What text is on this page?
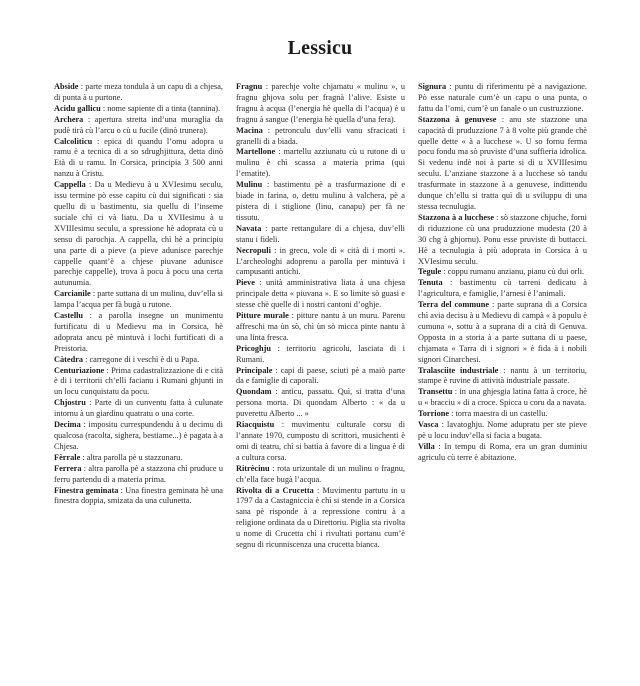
Lessicu

Abside : parte meza tondula à un capu di a chjesa, di punta à u purtone.

Acidu gallicu : nome sapiente di a tinta (tannina).

Archera : apertura stretta ind’una muraglia da pudè tirà cù l’arcu o cù u fucile (dinò trunera).

Calcoliticu : epica di quandu l’omu adopra u ramu è a tecnica di a so sdrughjittura, detta dinò Età di u ramu. In Corsica, principia 3 500 anni nanzu à Cristu.

Cappella : Da u Medievu à u XVIesimu seculu, issu termine pò esse capitu cù dui significati : sia quellu di u bastimentu, sia quellu di l’inseme suciale chì ci và liatu. Da u XVIIesimu à u XVIIIesimu seculu, a spressione hè adoprata cù u sensu di parochja. A cappella, chì hè a principiu una parte di a pieve (a pieve adunisce parechje cappelle quant’è a chjese piuvane adunisce parechje cappelle), trova à pocu à pocu una certa autunumia.

Carcianile : parte suttana di un mulinu, duv’ella si lampa l’acqua per fà bugà u rutone.

Castellu : a parolla insegne un munimentu furtificatu di u Medievu ma in Corsica, hè adoprata ancu pè mintuvà i lochi furtificati di a Preistoria.

Càtedra : carregone di i veschì è di u Papa.

Centurìazione : Prima cadastralizzazione di e cità è di i territorii ch’elli facianu i Rumani ghjunti in un locu cunquistatu da pocu.

Chjostru : Parte di un cunventu fatta à culunate intornu à un giardinu quatratu o una corte.

Decima : impositu currespundendu à u decimu di qualcosa (racolta, sighera, bestiame...) è pagata à a Chjesa.

Fèrrale : altra parolla pè u stazzunaru.

Ferrera : altra parolla pè a stazzona chì pruduce u ferru partendu di a materia prima.

Finestra geminata : Una finestra geminata hè una finestra doppia, smizata da una culunetta.

Fragnu : parechje volte chjamatu « mulinu », u fragnu ghjova solu per fragnà l’alive. Esiste u fragnu à acqua (l’energia hè quella di l’acqua) è u fragnu à sangue (l’energia hè quella d’una fera).

Macina : petronculu duv’elli vanu sfracicati i granelli di a biada.

Martellone : martellu azziunatu cù u rutone di u mulinu è chì scassa a materia prima (qui l’ematite).

Mulinu : bastimentu pè a trasfurmazione di e biade in farina, o, dettu mulinu à valchera, pè a pistera di i stiglione (linu, canapu) per fà ne tissutu.

Navata : parte rettangulare di a chjesa, duv’elli stanu i fideli.

Necropuli : in grecu, vole dì « cità di i morti ». L’archeologhi adoprenu a parolla per mintuvà i campusanti antichi.

Pieve : unità amministrativa liata à una chjesa principale detta « piuvana ». E so limite sò guasi e stesse chè quelle di i nostri cantoni d’oghje.

Pitture murale : pitture nantu à un muru. Parenu affreschi ma ùn sò, chì ùn sò micca pinte nantu à una linta fresca.

Pricoghju : territoriu agricolu, lasciata di i Rumani.

Principale : capi di paese, sciuti pè a maiò parte da e famiglie di caporali.

Quondam : anticu, passatu. Quì, si tratta d’una persona morta. Di quondam Alberto : « da u puverettu Alberto ... »

Riacquistu : muvimentu culturale corsu di l’annate 1970, cumpostu di scrittori, musichenti è omi di teatru, chì si battìa à favore di a lingua è di a cultura corsa.

Ritrècinu : rota urizuntale di un mulinu o fragnu, ch’ella face bugà l’acqua.

Rivolta di a Crucetta : Muvimentu partutu in u 1797 da a Castagniccia è chì si stende in a Corsica sana pè risponde à a repressione contru à a religione ordinata da u Direttoriu. Piglia sta rivolta u nome di Crucetta chì i rivultati portanu cum’è segnu di ricunniscenza una crucetta bianca.

Signura : puntu di riferimentu pè a navigazione. Pò esse naturale cum’è un capu o una punta, o fattu da l’omi, cum’è un fanale o un custruzzione.

Stazzona à genuvese : anu ste stazzone una capacità di pruduzzione 7 à 8 volte più grande chè quelle dette « à a lucchese ». U so fornu ferma pocu fondu ma sò pruviste d’una suffieria idrolica. Si vedenu indè noi à parte si di u XVIIIesimu seculu. L’anziane stazzone à a lucchese sò tandu trasfurmate in stazzone à a genuvese, indittendu dunque ch’ellu si tratta quì di u sviluppu di una stessa tecnulugia.

Stazzona à a lucchese : sò stazzone chjuche, forni di riduzzione cù una pruduzzione mudesta (20 à 30 chg à ghjornu). Ponu esse pruviste di buttacci. Hè a tecnulugia à più adoprata in Corsica à u XVIesimu seculu.

Tegule : coppu rumanu anzianu, pianu cù dui orli.

Tenuta : bastimentu cù tarreni dedicatu à l’agricultura, e famiglie, l’arnesi è l’animali.

Terra del commune : parte suprana di a Corsica chì avia decisu à u Medievu di campà « à populu è cumuna », sottu à a suprana di a cità di Genuva. Opposta in a storia à a parte suttana di u paese, chjamata « Tarra di i signori » è fida à i nobili signori Cinarchesi.

Tralasciite industriale : nantu à un territoriu, stampe è ruvine di attività industriale passate.

Transettu : in una ghjesgia latina fatta à croce, hè u « bracciu » di a croce. Spicca u coru da a navata.

Torrione : torra maestra di un castellu.

Vasca : lavatoghju. Nome adupratu per ste pieve pè u locu induv’ella si facia a bugata.

Villa : In tempu di Roma, era un gran duminiu agriculu cù terre è abitazione.
